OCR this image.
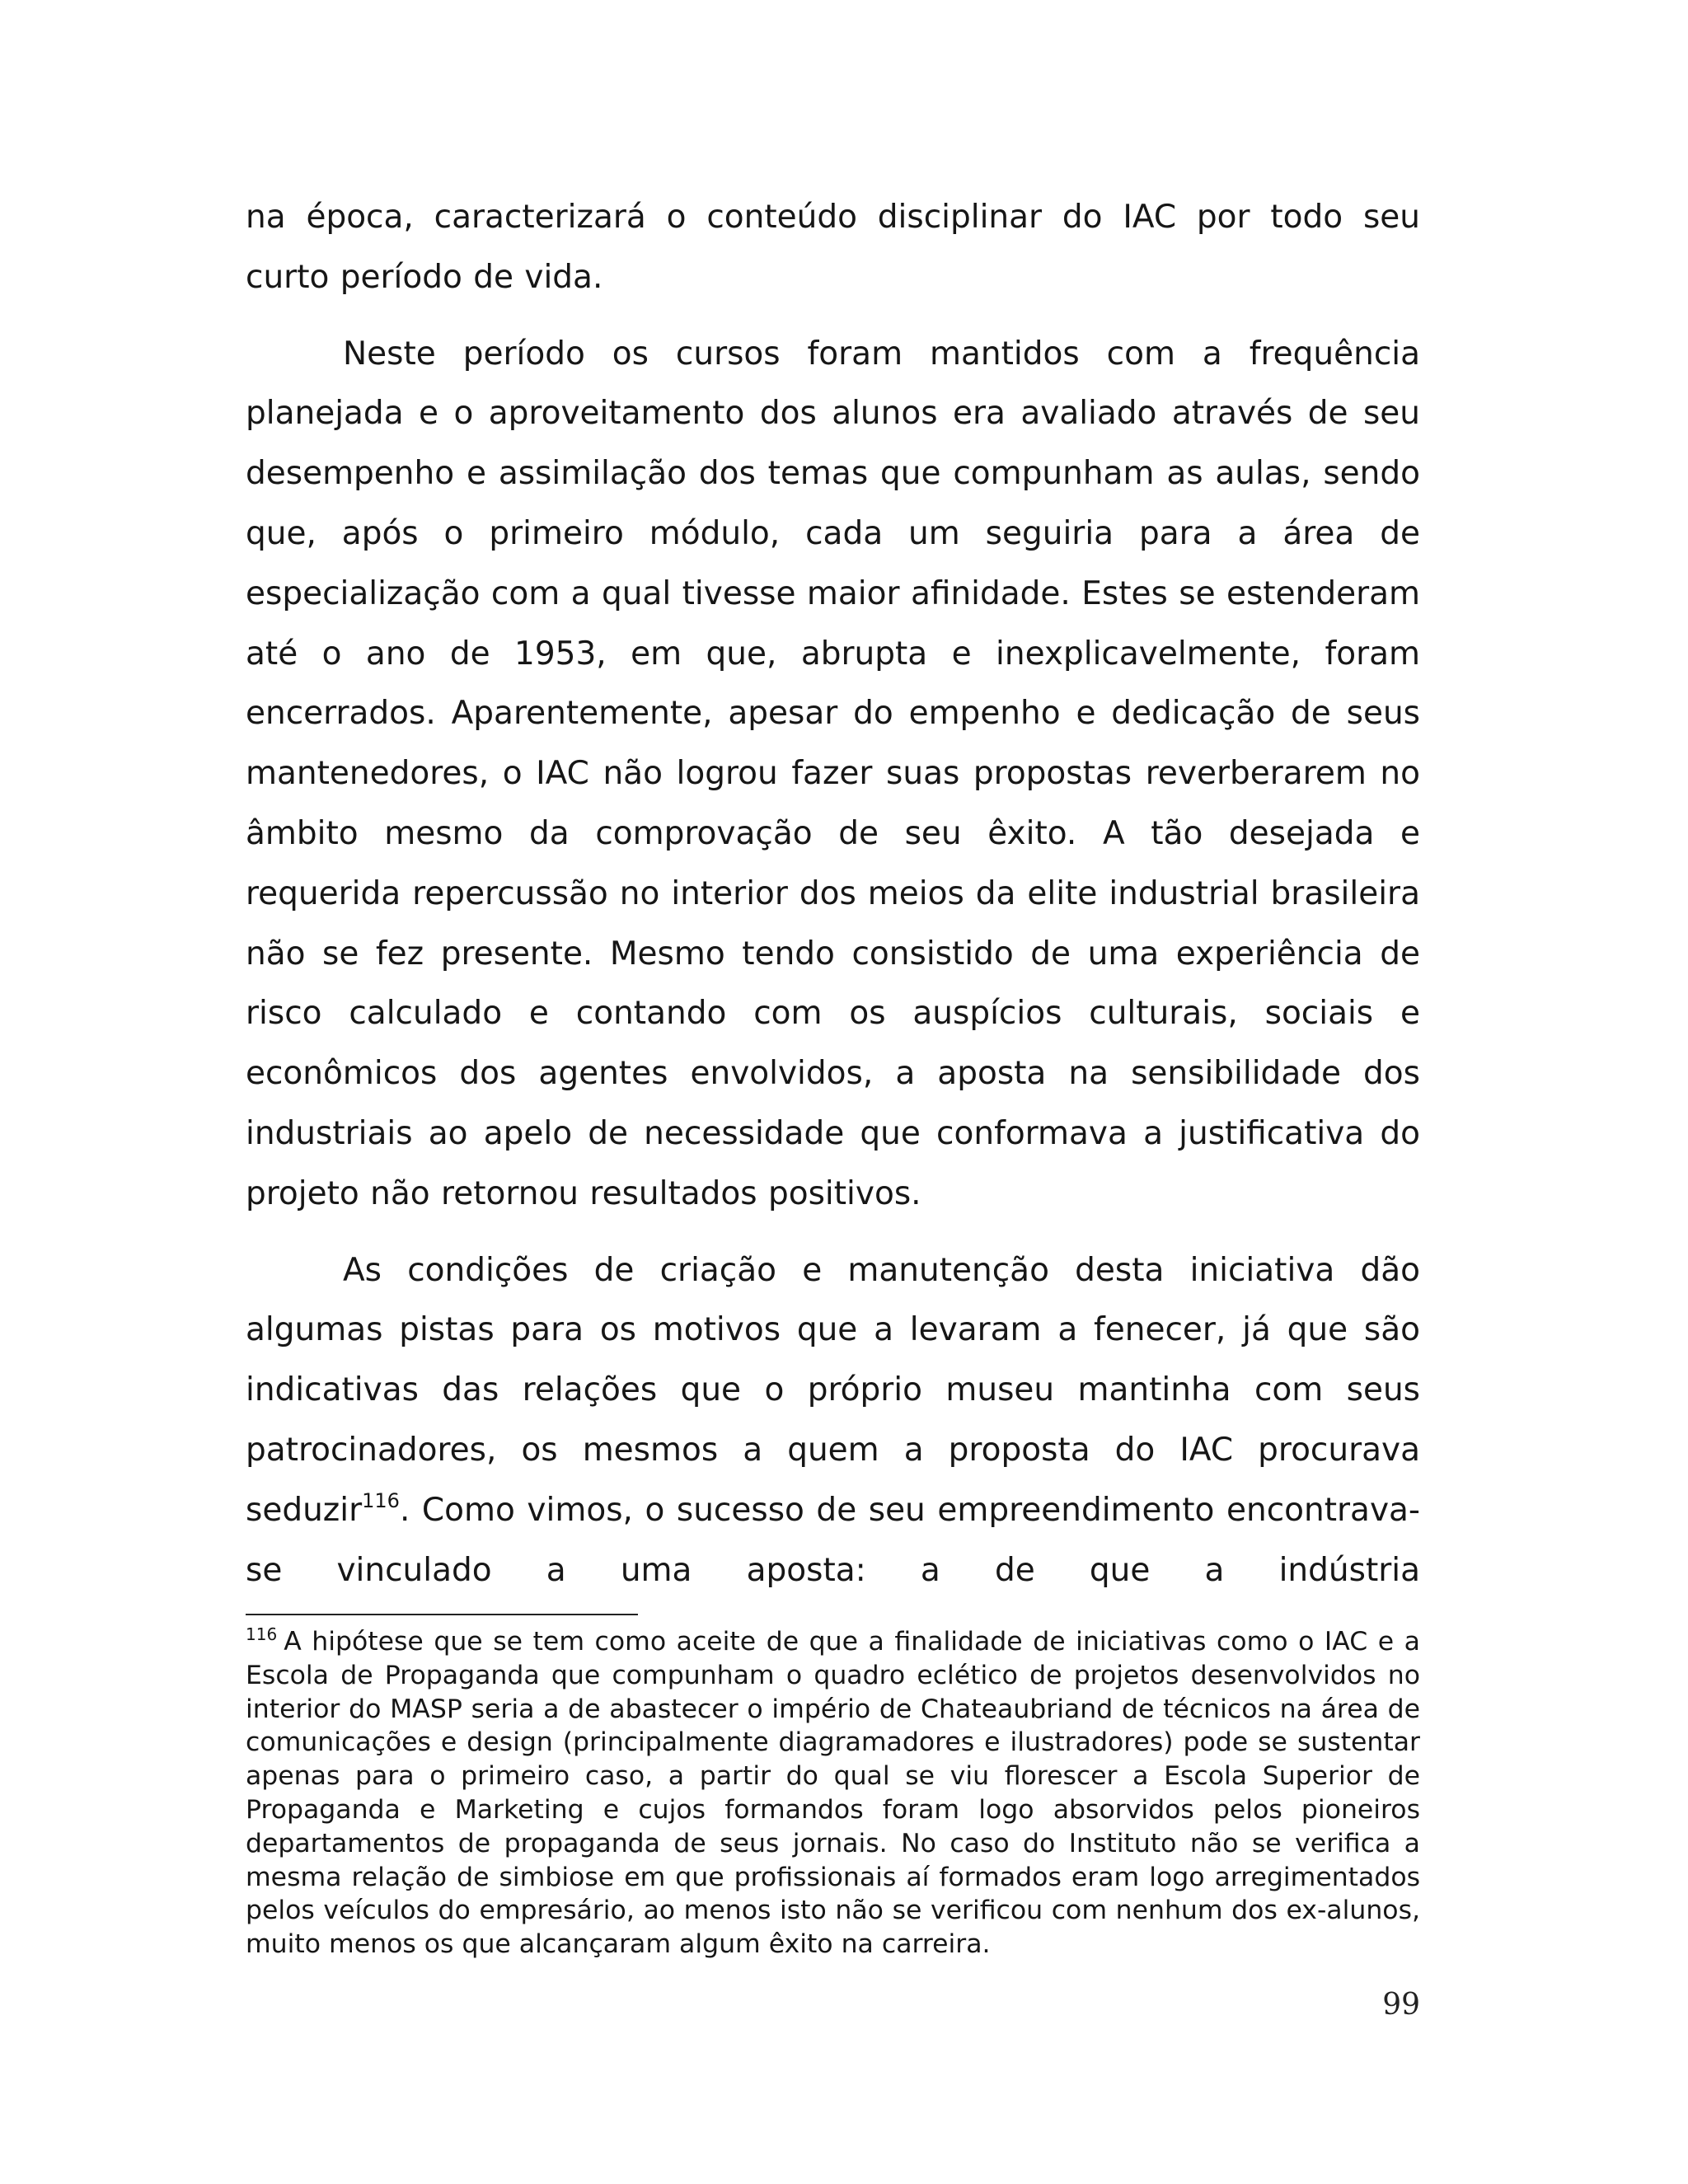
na época, caracterizará o conteúdo disciplinar do IAC por todo seu curto período de vida.

Neste período os cursos foram mantidos com a frequência planejada e o aproveitamento dos alunos era avaliado através de seu desempenho e assimilação dos temas que compunham as aulas, sendo que, após o primeiro módulo, cada um seguiria para a área de especialização com a qual tivesse maior afinidade. Estes se estenderam até o ano de 1953, em que, abrupta e inexplicavelmente, foram encerrados. Aparentemente, apesar do empenho e dedicação de seus mantenedores, o IAC não logrou fazer suas propostas reverberarem no âmbito mesmo da comprovação de seu êxito. A tão desejada e requerida repercussão no interior dos meios da elite industrial brasileira não se fez presente. Mesmo tendo consistido de uma experiência de risco calculado e contando com os auspícios culturais, sociais e econômicos dos agentes envolvidos, a aposta na sensibilidade dos industriais ao apelo de necessidade que conformava a justificativa do projeto não retornou resultados positivos.

As condições de criação e manutenção desta iniciativa dão algumas pistas para os motivos que a levaram a fenecer, já que são indicativas das relações que o próprio museu mantinha com seus patrocinadores, os mesmos a quem a proposta do IAC procurava seduzir$^{116}$. Como vimos, o sucesso de seu empreendimento encontrava-se vinculado a uma aposta: a de que a indústria

$^{116}$ A hipótese que se tem como aceite de que a finalidade de iniciativas como o IAC e a Escola de Propaganda que compunham o quadro eclético de projetos desenvolvidos no interior do MASP seria a de abastecer o império de Chateaubriand de técnicos na área de comunicações e design (principalmente diagramadores e ilustradores) pode se sustentar apenas para o primeiro caso, a partir do qual se viu florescer a Escola Superior de Propaganda e Marketing e cujos formandos foram logo absorvidos pelos pioneiros departamentos de propaganda de seus jornais. No caso do Instituto não se verifica a mesma relação de simbiose em que profissionais aí formados eram logo arregimentados pelos veículos do empresário, ao menos isto não se verificou com nenhum dos ex-alunos, muito menos os que alcançaram algum êxito na carreira.

99
